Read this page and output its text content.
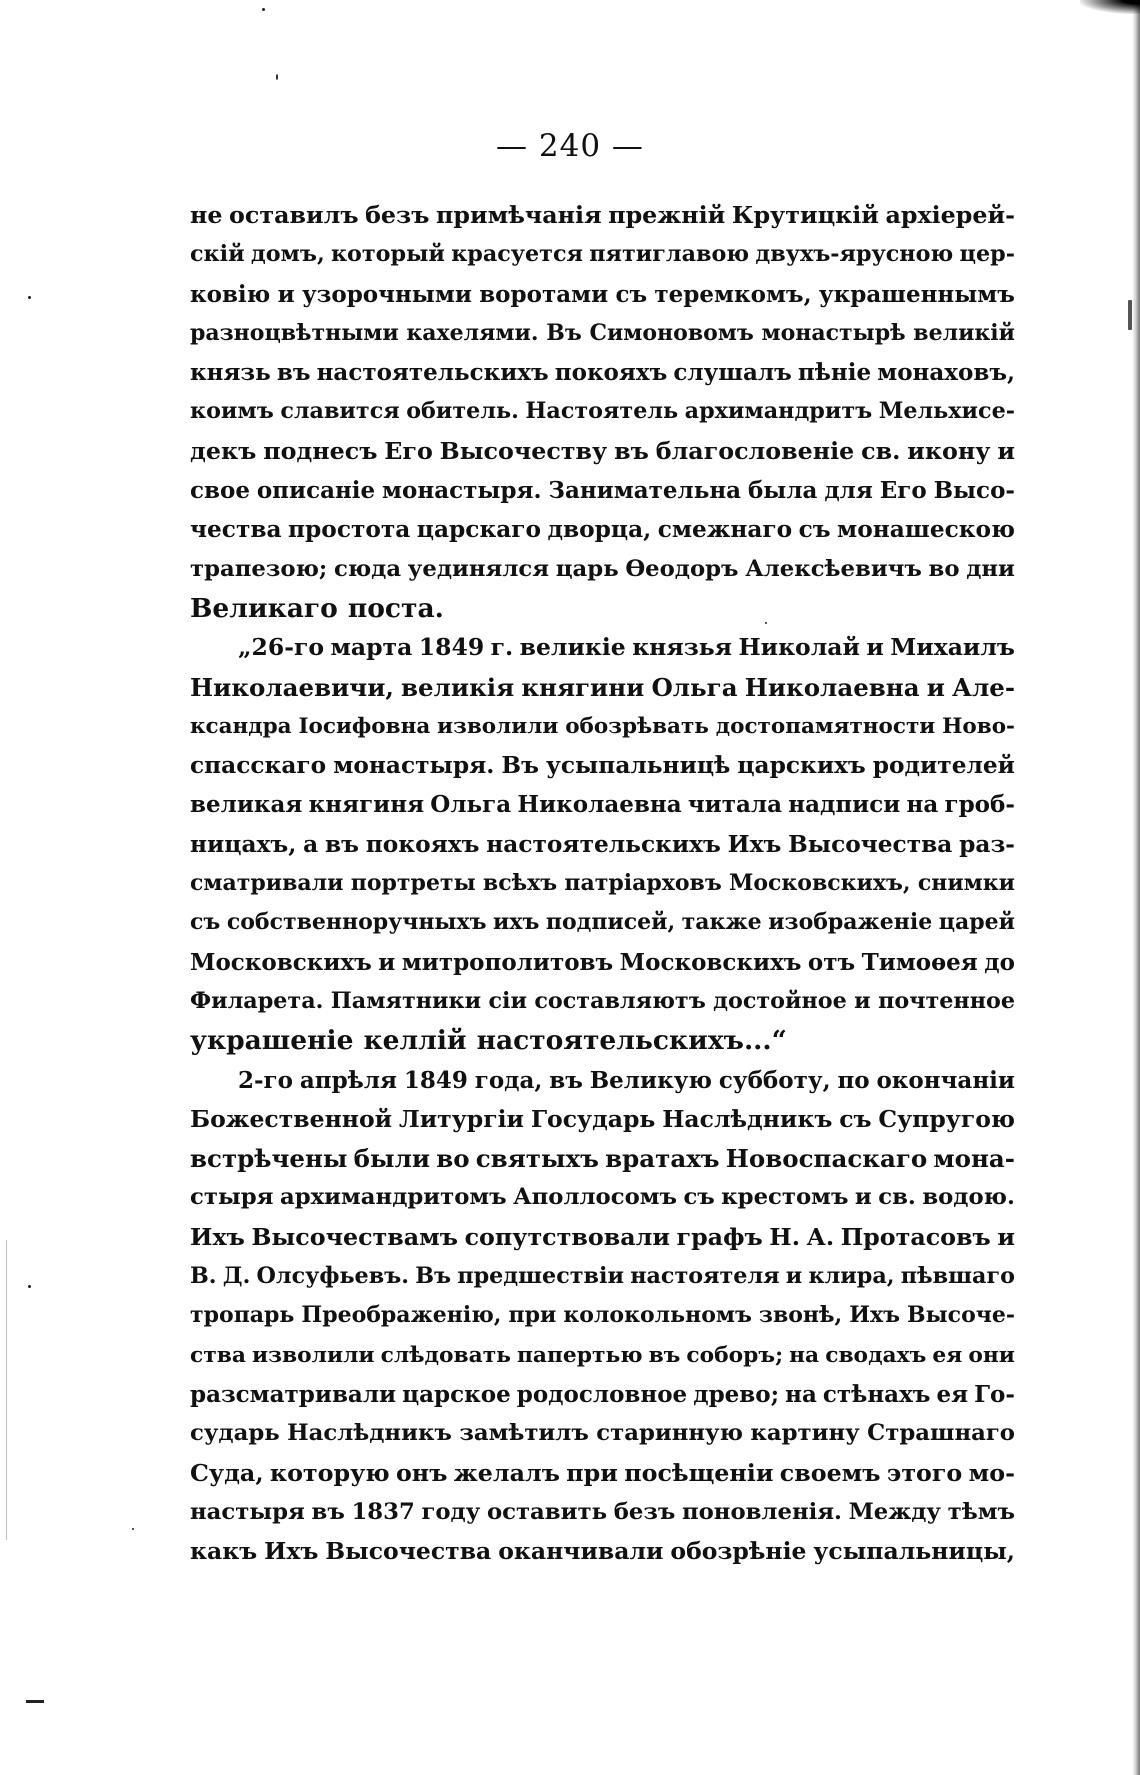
— 240 —
не оставилъ безъ примѣчанія прежній Крутицкій архіерей-
скій домъ, который красуется пятиглавою двухъ-ярусною цер-
ковію и узорочными воротами съ теремкомъ, украшеннымъ
разноцвѣтными кахелями. Въ Симоновомъ монастырѣ великій
князь въ настоятельскихъ покояхъ слушалъ пѣніе монаховъ,
коимъ славится обитель. Настоятель архимандритъ Мельхисе-
декъ поднесъ Его Высочеству въ благословеніе св. икону и
свое описаніе монастыря. Занимательна была для Его Высо-
чества простота царскаго дворца, смежнаго съ монашескою
трапезою; сюда уединялся царь Ѳеодоръ Алексѣевичъ во дни
Великаго поста.
„26-го марта 1849 г. великіе князья Николай и Михаилъ
Николаевичи, великія княгини Ольга Николаевна и Але-
ксандра Іосифовна изволили обозрѣвать достопамятности Ново-
спасскаго монастыря. Въ усыпальницѣ царскихъ родителей
великая княгиня Ольга Николаевна читала надписи на гроб-
ницахъ, а въ покояхъ настоятельскихъ Ихъ Высочества раз-
сматривали портреты всѣхъ патріарховъ Московскихъ, снимки
съ собственноручныхъ ихъ подписей, также изображеніе царей
Московскихъ и митрополитовъ Московскихъ отъ Тимоѳея до
Филарета. Памятники сіи составляютъ достойное и почтенное
украшеніе келлій настоятельскихъ...“
2-го апрѣля 1849 года, въ Великую субботу, по окончаніи
Божественной Литургіи Государь Наслѣдникъ съ Супругою
встрѣчены были во святыхъ вратахъ Новоспаскаго мона-
стыря архимандритомъ Аполлосомъ съ крестомъ и св. водою.
Ихъ Высочествамъ сопутствовали графъ Н. А. Протасовъ и
В. Д. Олсуфьевъ. Въ предшествіи настоятеля и клира, пѣвшаго
тропарь Преображенію, при колокольномъ звонѣ, Ихъ Высоче-
ства изволили слѣдовать папертью въ соборъ; на сводахъ ея они
разсматривали царское родословное древо; на стѣнахъ ея Го-
сударь Наслѣдникъ замѣтилъ старинную картину Страшнаго
Суда, которую онъ желалъ при посѣщеніи своемъ этого мо-
настыря въ 1837 году оставить безъ поновленія. Между тѣмъ
какъ Ихъ Высочества оканчивали обозрѣніе усыпальницы,
